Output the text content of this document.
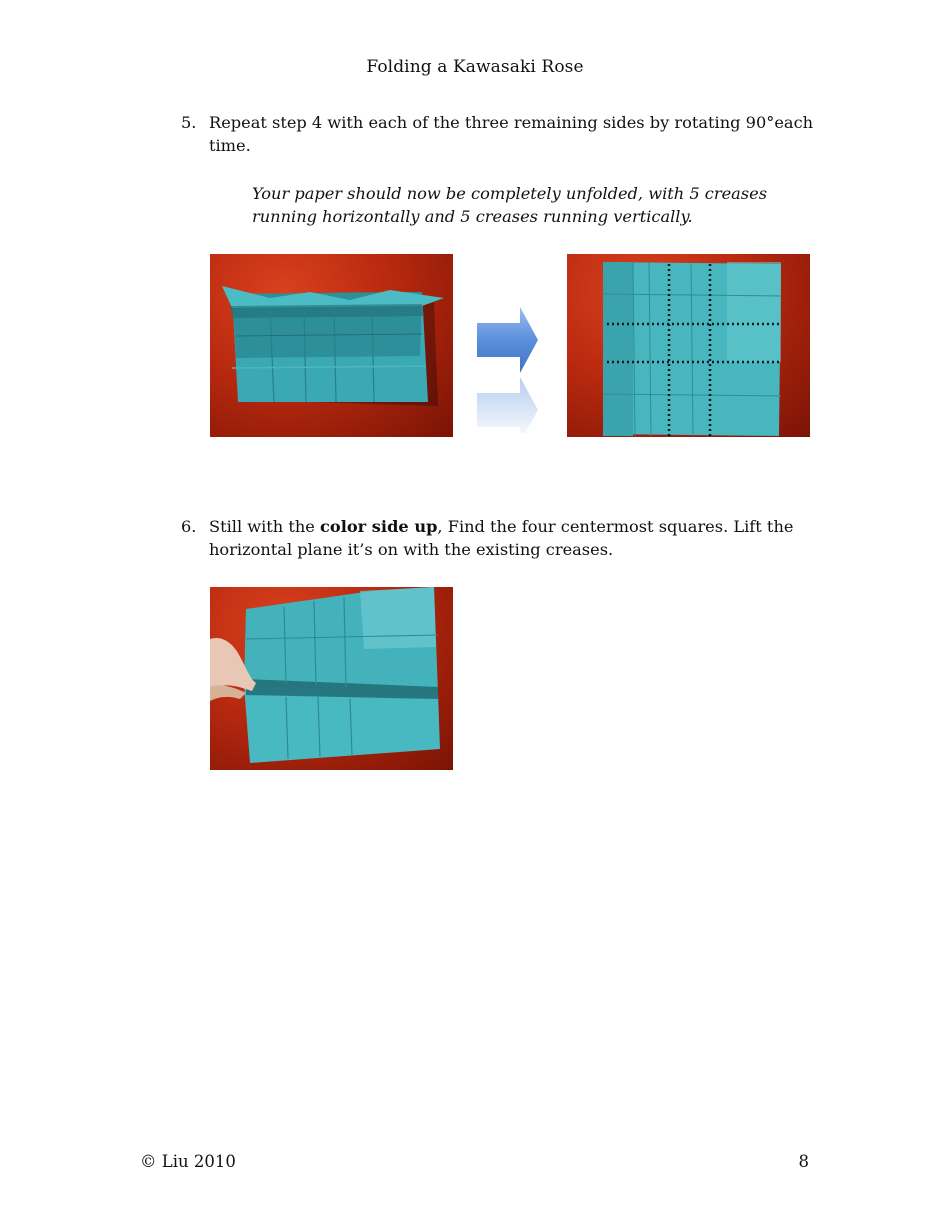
Folding a Kawasaki Rose
5. Repeat step 4 with each of the three remaining sides by rotating 90°each time.
Your paper should now be completely unfolded, with 5 creases running horizontally and 5 creases running vertically.
6. Still with the color side up, Find the four centermost squares. Lift the horizontal plane it’s on with the existing creases.
© Liu 2010	8
